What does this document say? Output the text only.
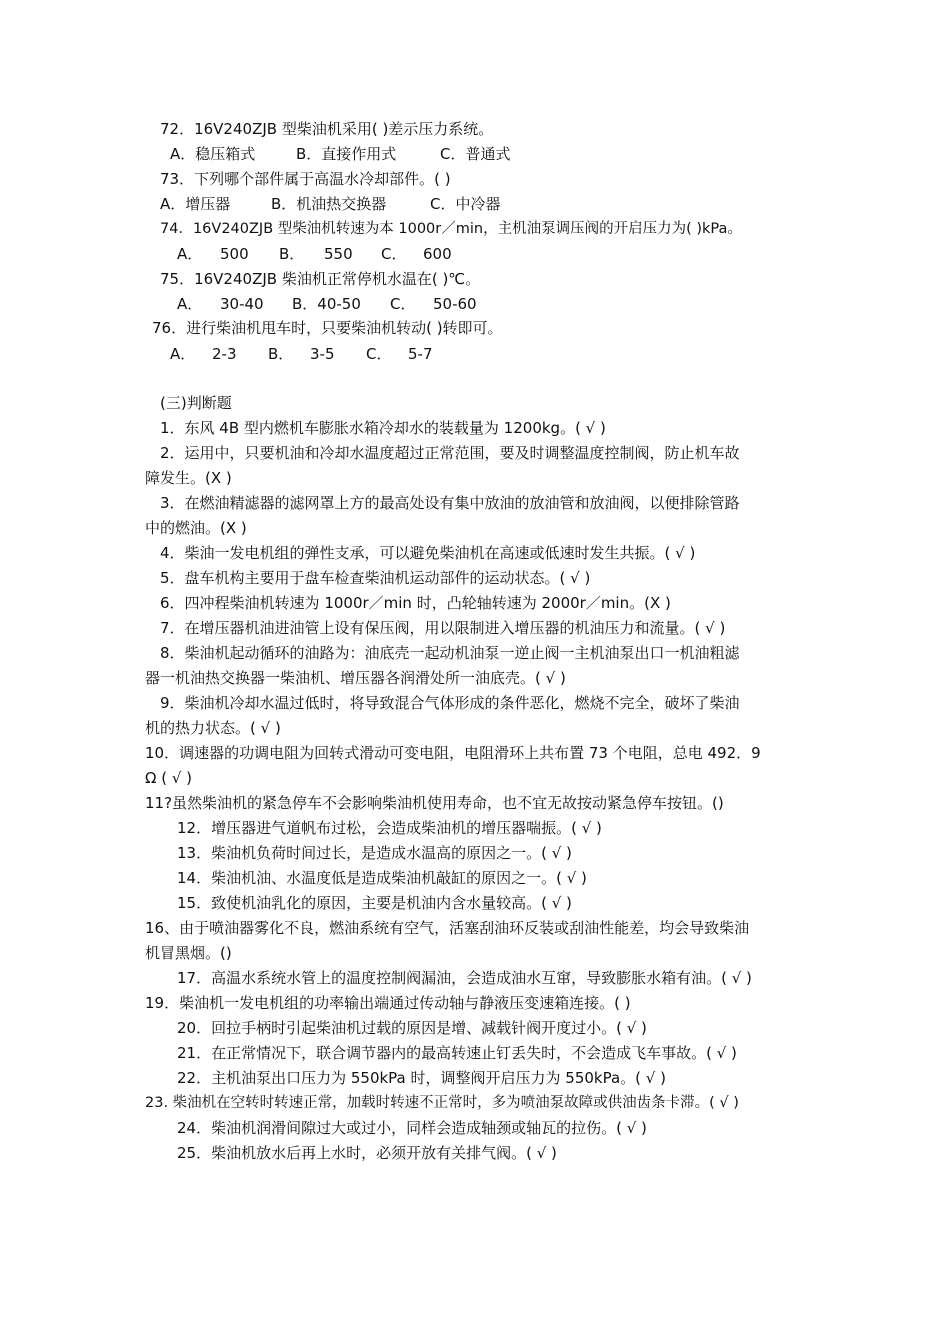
72．16V240ZJB 型柴油机采用( )差示压力系统。
A．稳压箱式	B．直接作用式	C．普通式
73．下列哪个部件属于高温水冷却部件。( )
A．增压器	B．机油热交换器	C．中冷器
74．16V240ZJB 型柴油机转速为本 1000r／min，主机油泵调压阀的开启压力为( )kPa。
A． 500 B． 550 C． 600
75．16V240ZJB 柴油机正常停机水温在( )℃。
A． 30-40 B．40-50 C． 50-60
76．进行柴油机甩车时，只要柴油机转动( )转即可。
A． 2-3 B． 3-5 C． 5-7
(三)判断题
1．东风 4B 型内燃机车膨胀水箱冷却水的装载量为 1200kg。( √ )
2．运用中，只要机油和冷却水温度超过正常范围，要及时调整温度控制阀，防止机车故
障发生。(X )
3．在燃油精滤器的滤网罩上方的最高处设有集中放油的放油管和放油阀，以便排除管路
中的燃油。(X )
4．柴油一发电机组的弹性支承，可以避免柴油机在高速或低速时发生共振。( √ )
5．盘车机构主要用于盘车检查柴油机运动部件的运动状态。( √ )
6．四冲程柴油机转速为 1000r／min 时，凸轮轴转速为 2000r／min。(X )
7．在增压器机油进油管上设有保压阀，用以限制进入增压器的机油压力和流量。( √ )
8．柴油机起动循环的油路为：油底壳一起动机油泵一逆止阀一主机油泵出口一机油粗滤
器一机油热交换器一柴油机、增压器各润滑处所一油底壳。( √ )
9．柴油机冷却水温过低时，将导致混合气体形成的条件恶化，燃烧不完全，破坏了柴油
机的热力状态。( √ )
10．调速器的功调电阻为回转式滑动可变电阻，电阻滑环上共布置 73 个电阻，总电 492．9
Ω ( √ )
11?虽然柴油机的紧急停车不会影响柴油机使用寿命，也不宜无故按动紧急停车按钮。()
12．增压器进气道帆布过松，会造成柴油机的增压器喘振。( √ )
13．柴油机负荷时间过长，是造成水温高的原因之一。( √ )
14．柴油机油、水温度低是造成柴油机敲缸的原因之一。( √ )
15．致使机油乳化的原因，主要是机油内含水量较高。( √ )
16、由于喷油器雾化不良，燃油系统有空气，活塞刮油环反装或刮油性能差，均会导致柴油
机冒黑烟。()
17．高温水系统水管上的温度控制阀漏油，会造成油水互窜，导致膨胀水箱有油。( √ )
19．柴油机一发电机组的功率输出端通过传动轴与静液压变速箱连接。( )
20．回拉手柄时引起柴油机过载的原因是增、减载针阀开度过小。( √ )
21．在正常情况下，联合调节器内的最高转速止钉丢失时，不会造成飞车事故。( √ )
22．主机油泵出口压力为 550kPa 时，调整阀开启压力为 550kPa。( √ )
23. 柴油机在空转时转速正常，加载时转速不正常时，多为喷油泵故障或供油齿条卡滞。( √ )
24．柴油机润滑间隙过大或过小，同样会造成轴颈或轴瓦的拉伤。( √ )
25．柴油机放水后再上水时，必须开放有关排气阀。( √ )
